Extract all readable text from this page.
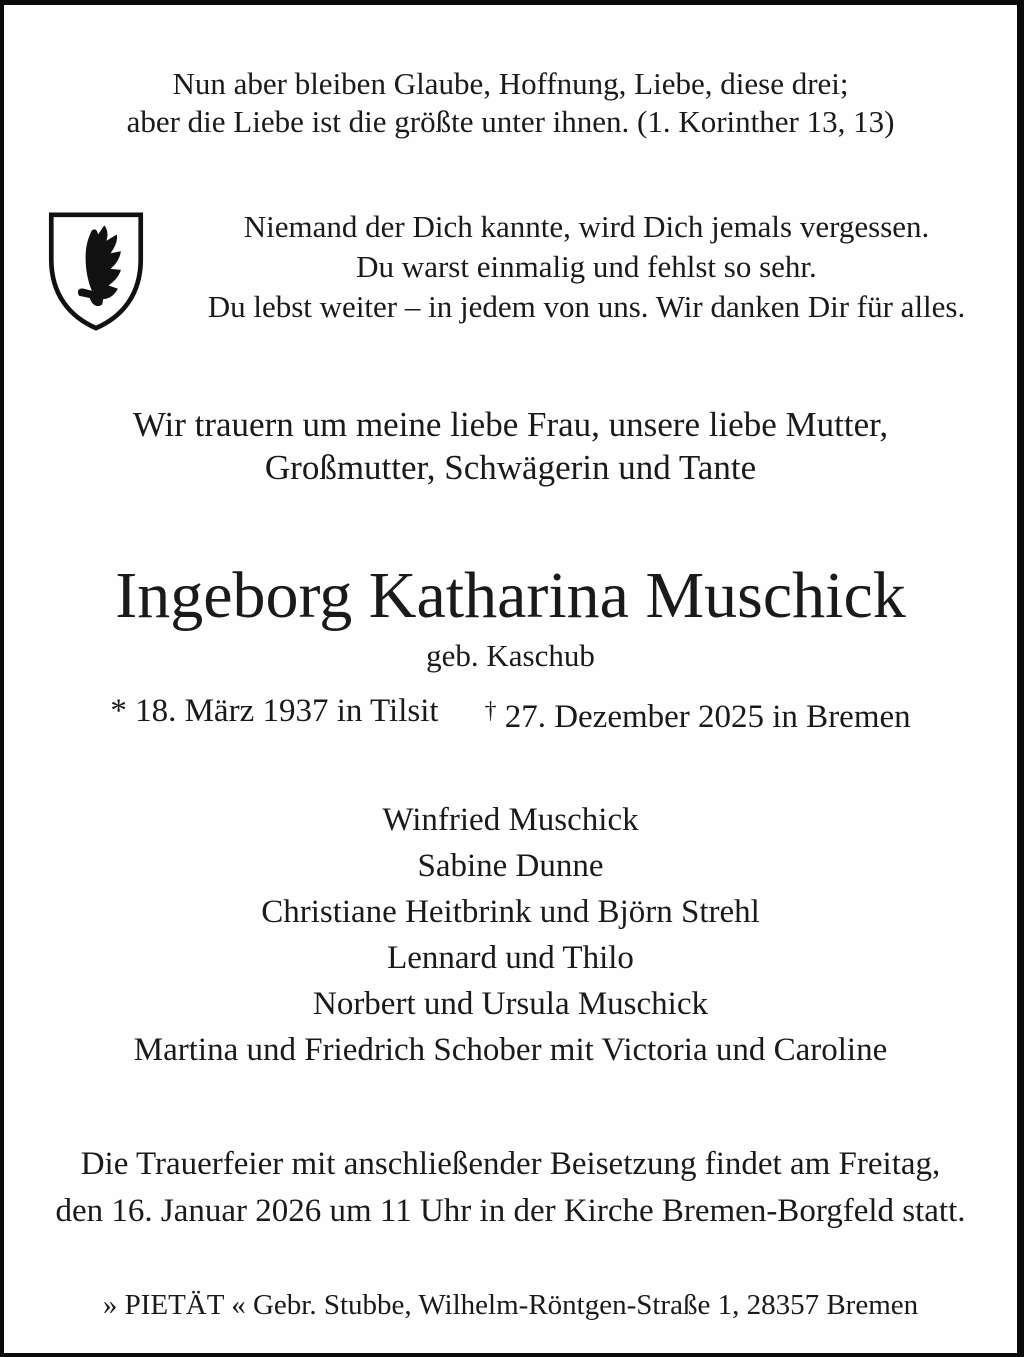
Nun aber bleiben Glaube, Hoffnung, Liebe, diese drei;
aber die Liebe ist die größte unter ihnen. (1. Korinther 13, 13)
Niemand der Dich kannte, wird Dich jemals vergessen.
Du warst einmalig und fehlst so sehr.
Du lebst weiter – in jedem von uns. Wir danken Dir für alles.
Wir trauern um meine liebe Frau, unsere liebe Mutter,
Großmutter, Schwägerin und Tante
Ingeborg Katharina Muschick
geb. Kaschub
* 18. März 1937 in Tilsit † 27. Dezember 2025 in Bremen
Winfried Muschick
Sabine Dunne
Christiane Heitbrink und Björn Strehl
Lennard und Thilo
Norbert und Ursula Muschick
Martina und Friedrich Schober mit Victoria und Caroline
Die Trauerfeier mit anschließender Beisetzung findet am Freitag,
den 16. Januar 2026 um 11 Uhr in der Kirche Bremen-Borgfeld statt.
» PIETÄT « Gebr. Stubbe, Wilhelm-Röntgen-Straße 1, 28357 Bremen
